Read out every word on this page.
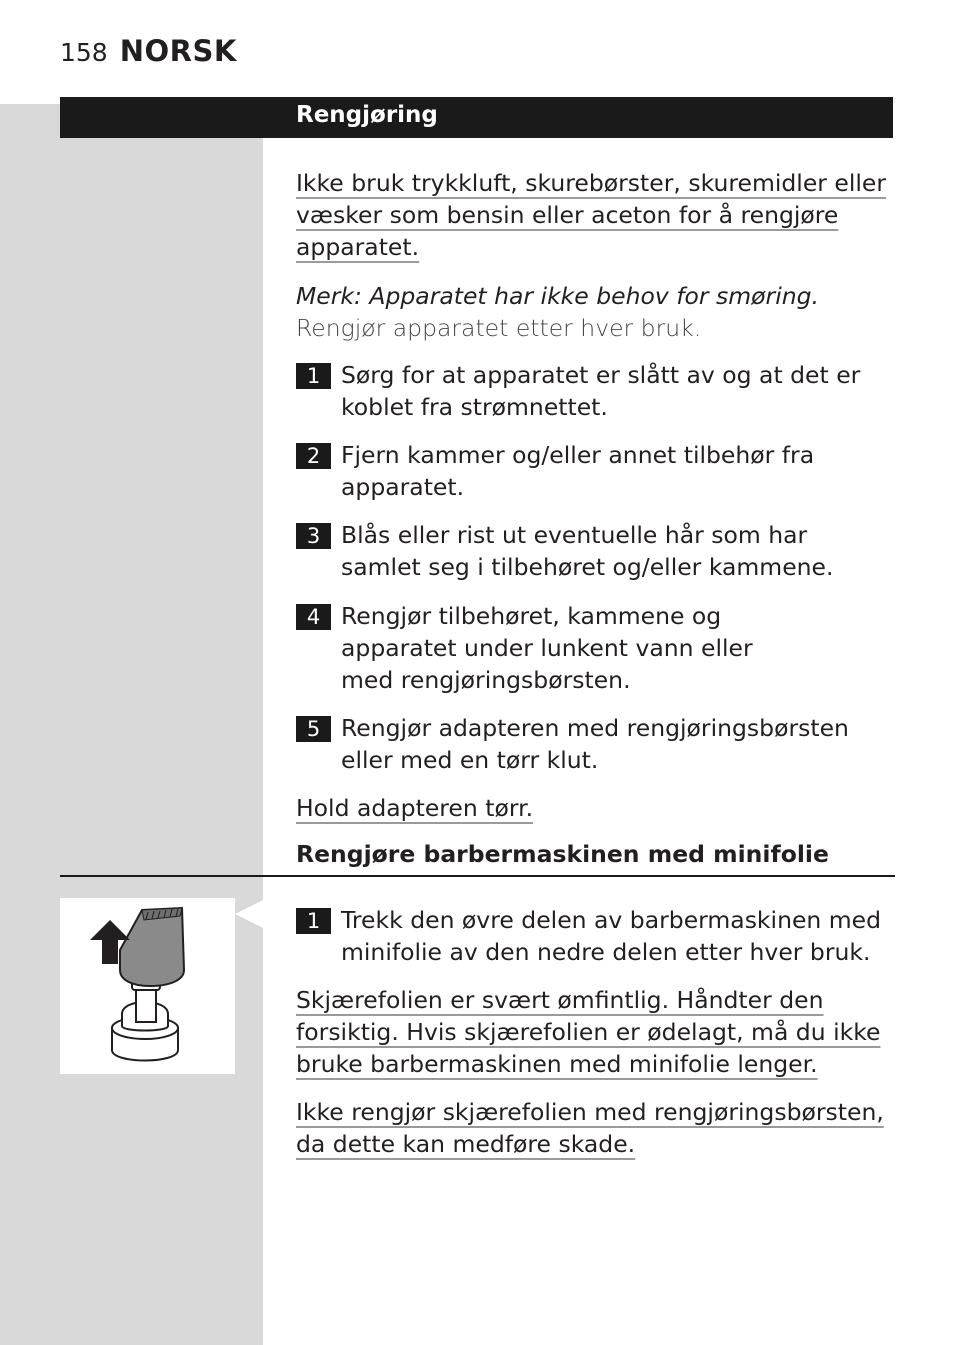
158 NORSK
Rengjøring
Ikke bruk trykkluft, skurebørster, skuremidler eller væsker som bensin eller aceton for å rengjøre apparatet.
Merk: Apparatet har ikke behov for smøring.
Rengjør apparatet etter hver bruk.
1 Sørg for at apparatet er slått av og at det er koblet fra strømnettet.
2 Fjern kammer og/eller annet tilbehør fra apparatet.
3 Blås eller rist ut eventuelle hår som har samlet seg i tilbehøret og/eller kammene.
4 Rengjør tilbehøret, kammene og apparatet under lunkent vann eller med rengjøringsbørsten.
5 Rengjør adapteren med rengjøringsbørsten eller med en tørr klut.
Hold adapteren tørr.
Rengjøre barbermaskinen med minifolie
1 Trekk den øvre delen av barbermaskinen med minifolie av den nedre delen etter hver bruk.
Skjærefolien er svært ømfintlig. Håndter den forsiktig. Hvis skjærefolien er ødelagt, må du ikke bruke barbermaskinen med minifolie lenger.
Ikke rengjør skjærefolien med rengjøringsbørsten, da dette kan medføre skade.
